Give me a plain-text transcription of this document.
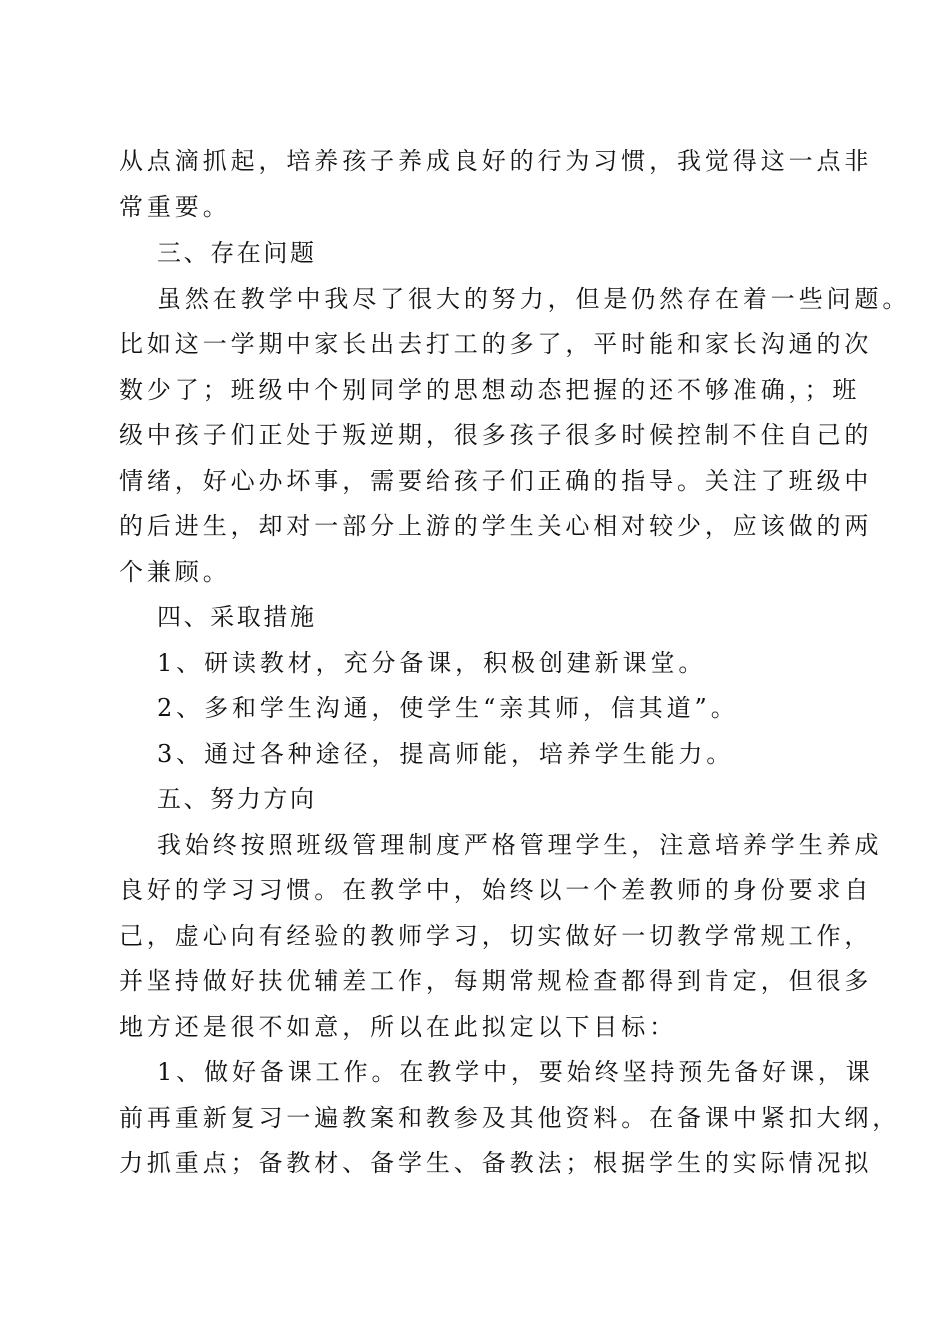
从点滴抓起，培养孩子养成良好的行为习惯，我觉得这一点非
常重要。
三、存在问题
虽然在教学中我尽了很大的努力，但是仍然存在着一些问题。
比如这一学期中家长出去打工的多了，平时能和家长沟通的次
数少了；班级中个别同学的思想动态把握的还不够准确，；班
级中孩子们正处于叛逆期，很多孩子很多时候控制不住自己的
情绪，好心办坏事，需要给孩子们正确的指导。关注了班级中
的后进生，却对一部分上游的学生关心相对较少，应该做的两
个兼顾。
四、采取措施
1、研读教材，充分备课，积极创建新课堂。
2、多和学生沟通，使学生“亲其师，信其道”。
3、通过各种途径，提高师能，培养学生能力。
五、努力方向
我始终按照班级管理制度严格管理学生，注意培养学生养成
良好的学习习惯。在教学中，始终以一个差教师的身份要求自
己，虚心向有经验的教师学习，切实做好一切教学常规工作，
并坚持做好扶优辅差工作，每期常规检查都得到肯定，但很多
地方还是很不如意，所以在此拟定以下目标：
1、做好备课工作。在教学中，要始终坚持预先备好课，课
前再重新复习一遍教案和教参及其他资料。在备课中紧扣大纲，
力抓重点；备教材、备学生、备教法；根据学生的实际情况拟
